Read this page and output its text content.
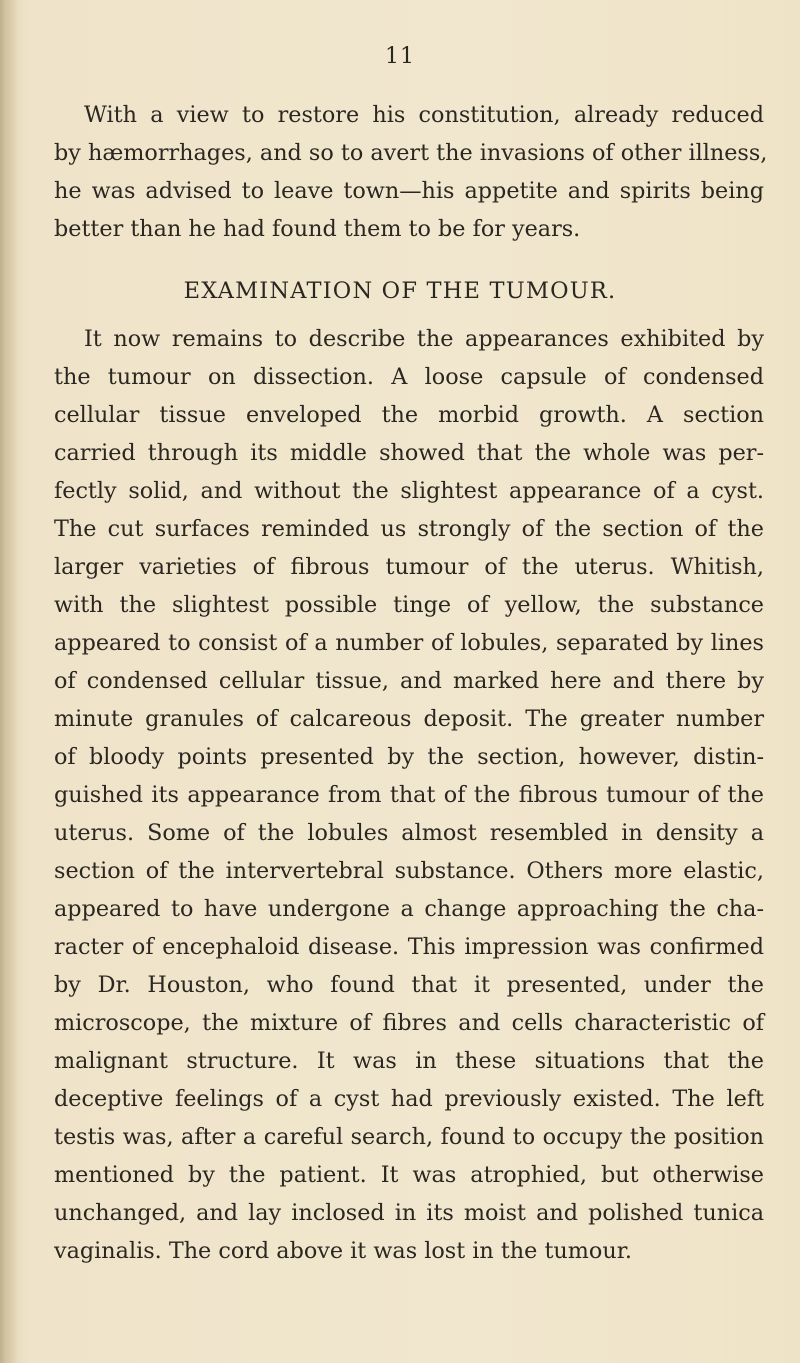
11
With a view to restore his constitution, already reduced
by hæmorrhages, and so to avert the invasions of other illness,
he was advised to leave town—his appetite and spirits being
better than he had found them to be for years.
EXAMINATION OF THE TUMOUR.
It now remains to describe the appearances exhibited by
the tumour on dissection. A loose capsule of condensed
cellular tissue enveloped the morbid growth. A section
carried through its middle showed that the whole was per-
fectly solid, and without the slightest appearance of a cyst.
The cut surfaces reminded us strongly of the section of the
larger varieties of fibrous tumour of the uterus. Whitish,
with the slightest possible tinge of yellow, the substance
appeared to consist of a number of lobules, separated by lines
of condensed cellular tissue, and marked here and there by
minute granules of calcareous deposit. The greater number
of bloody points presented by the section, however, distin-
guished its appearance from that of the fibrous tumour of the
uterus. Some of the lobules almost resembled in density a
section of the intervertebral substance. Others more elastic,
appeared to have undergone a change approaching the cha-
racter of encephaloid disease. This impression was confirmed
by Dr. Houston, who found that it presented, under the
microscope, the mixture of fibres and cells characteristic of
malignant structure. It was in these situations that the
deceptive feelings of a cyst had previously existed. The left
testis was, after a careful search, found to occupy the position
mentioned by the patient. It was atrophied, but otherwise
unchanged, and lay inclosed in its moist and polished tunica
vaginalis. The cord above it was lost in the tumour.
